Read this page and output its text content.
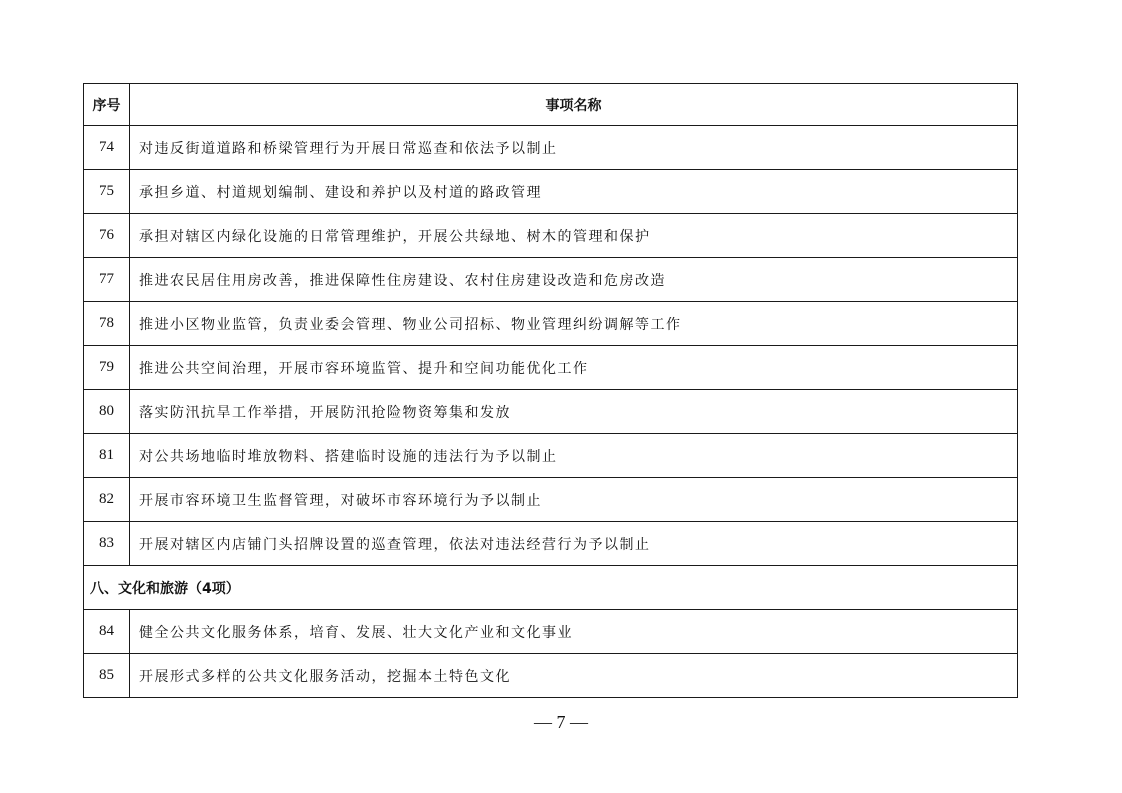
序号	事项名称
74	对违反街道道路和桥梁管理行为开展日常巡查和依法予以制止
75	承担乡道、村道规划编制、建设和养护以及村道的路政管理
76	承担对辖区内绿化设施的日常管理维护，开展公共绿地、树木的管理和保护
77	推进农民居住用房改善，推进保障性住房建设、农村住房建设改造和危房改造
78	推进小区物业监管，负责业委会管理、物业公司招标、物业管理纠纷调解等工作
79	推进公共空间治理，开展市容环境监管、提升和空间功能优化工作
80	落实防汛抗旱工作举措，开展防汛抢险物资筹集和发放
81	对公共场地临时堆放物料、搭建临时设施的违法行为予以制止
82	开展市容环境卫生监督管理，对破坏市容环境行为予以制止
83	开展对辖区内店铺门头招牌设置的巡查管理，依法对违法经营行为予以制止
八、文化和旅游（4项）	
84	健全公共文化服务体系，培育、发展、壮大文化产业和文化事业
85	开展形式多样的公共文化服务活动，挖掘本土特色文化
— 7 —
